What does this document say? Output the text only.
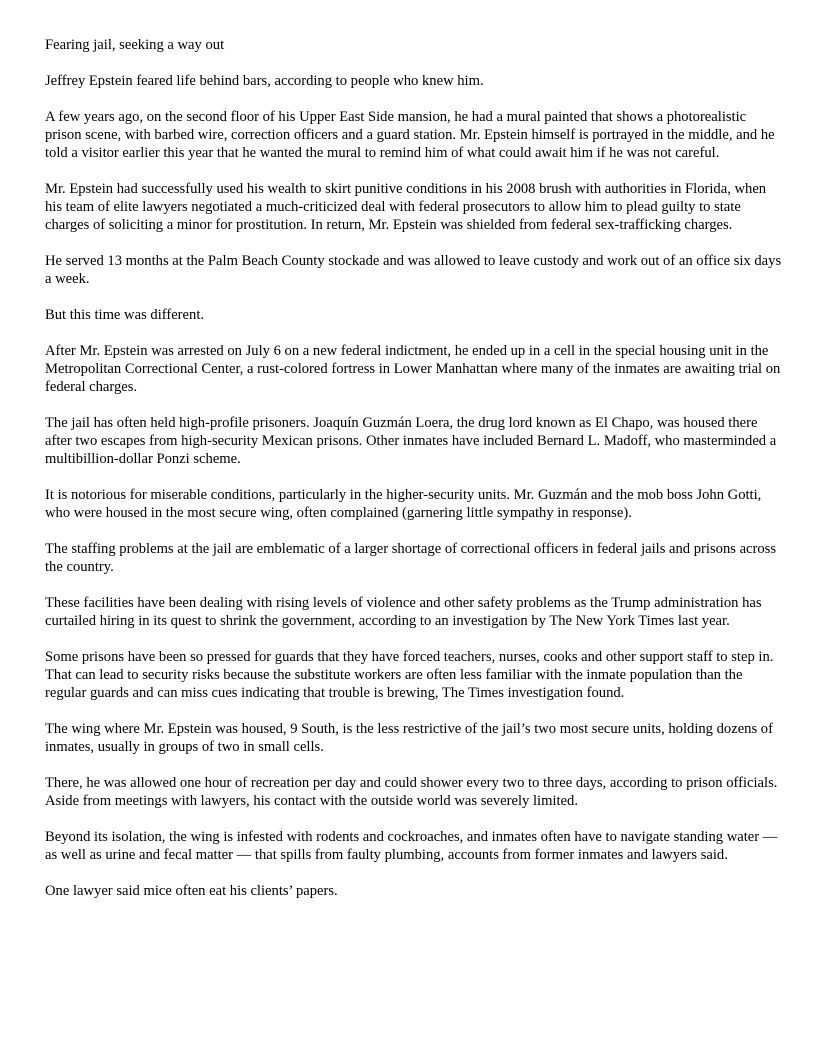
Fearing jail, seeking a way out

Jeffrey Epstein feared life behind bars, according to people who knew him.

A few years ago, on the second floor of his Upper East Side mansion, he had a mural painted that shows a photorealistic prison scene, with barbed wire, correction officers and a guard station. Mr. Epstein himself is portrayed in the middle, and he told a visitor earlier this year that he wanted the mural to remind him of what could await him if he was not careful.

Mr. Epstein had successfully used his wealth to skirt punitive conditions in his 2008 brush with authorities in Florida, when his team of elite lawyers negotiated a much-criticized deal with federal prosecutors to allow him to plead guilty to state charges of soliciting a minor for prostitution. In return, Mr. Epstein was shielded from federal sex-trafficking charges.

He served 13 months at the Palm Beach County stockade and was allowed to leave custody and work out of an office six days a week.

But this time was different.

After Mr. Epstein was arrested on July 6 on a new federal indictment, he ended up in a cell in the special housing unit in the Metropolitan Correctional Center, a rust-colored fortress in Lower Manhattan where many of the inmates are awaiting trial on federal charges.

The jail has often held high-profile prisoners. Joaquín Guzmán Loera, the drug lord known as El Chapo, was housed there after two escapes from high-security Mexican prisons. Other inmates have included Bernard L. Madoff, who masterminded a multibillion-dollar Ponzi scheme.

It is notorious for miserable conditions, particularly in the higher-security units. Mr. Guzmán and the mob boss John Gotti, who were housed in the most secure wing, often complained (garnering little sympathy in response).

The staffing problems at the jail are emblematic of a larger shortage of correctional officers in federal jails and prisons across the country.

These facilities have been dealing with rising levels of violence and other safety problems as the Trump administration has curtailed hiring in its quest to shrink the government, according to an investigation by The New York Times last year.

Some prisons have been so pressed for guards that they have forced teachers, nurses, cooks and other support staff to step in. That can lead to security risks because the substitute workers are often less familiar with the inmate population than the regular guards and can miss cues indicating that trouble is brewing, The Times investigation found.

The wing where Mr. Epstein was housed, 9 South, is the less restrictive of the jail’s two most secure units, holding dozens of inmates, usually in groups of two in small cells.

There, he was allowed one hour of recreation per day and could shower every two to three days, according to prison officials. Aside from meetings with lawyers, his contact with the outside world was severely limited.

Beyond its isolation, the wing is infested with rodents and cockroaches, and inmates often have to navigate standing water — as well as urine and fecal matter — that spills from faulty plumbing, accounts from former inmates and lawyers said.

One lawyer said mice often eat his clients’ papers.
